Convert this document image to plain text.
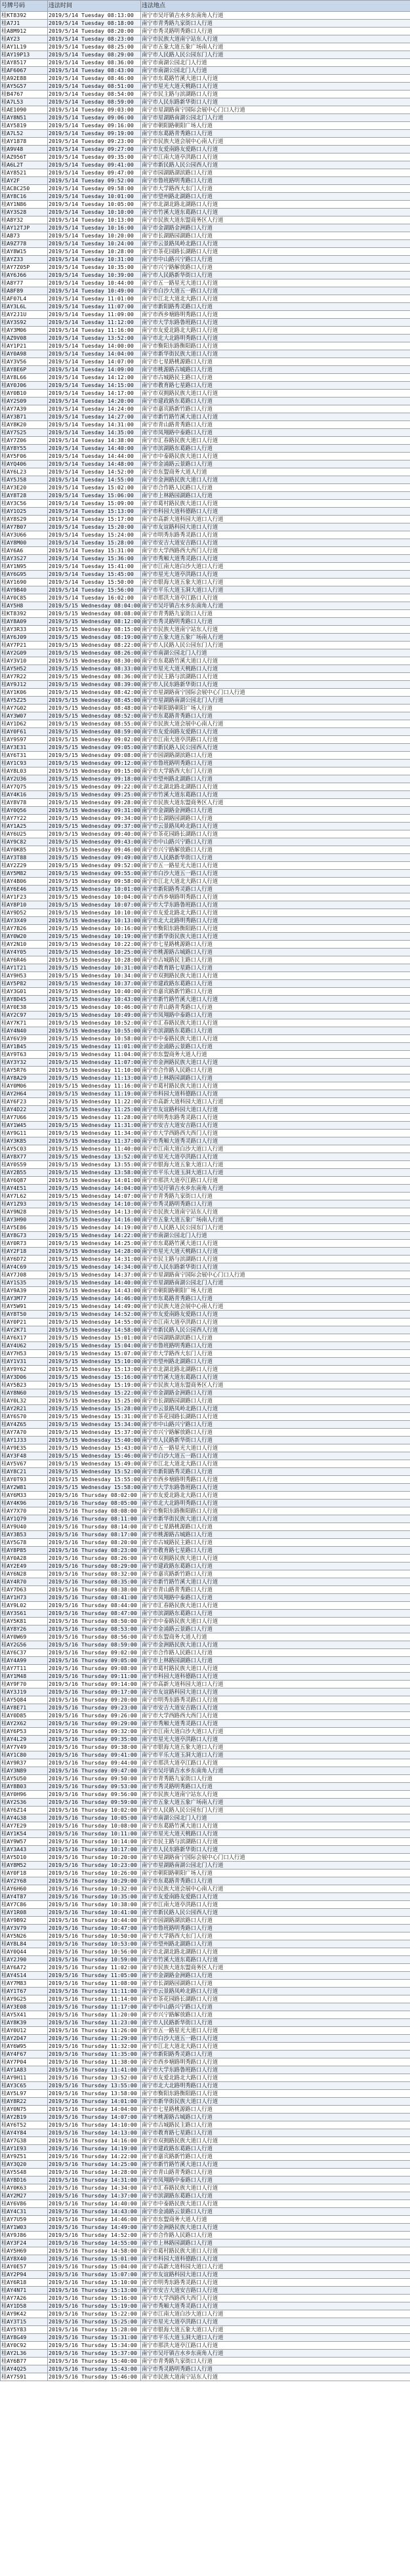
号牌号码	违法时间	违法地点
桂KT8392	2019/5/14 Tuesday 08:13:00	南宁市吴圩镇吉水乡东南角人行道
桂A7J1	2019/5/14 Tuesday 08:18:00	南宁市青秀路九家街口人行道
桂A8M912	2019/5/14 Tuesday 08:20:00	南宁市秀灵路明秀路口人行道
桂AY23	2019/5/14 Tuesday 08:23:00	南宁市民族大道南宁站东人行道
桂AY1L19	2019/5/14 Tuesday 08:25:00	南宁市五象大道五象广场南人行道
桂AY19P13	2019/5/14 Tuesday 08:29:00	南宁市人民路人民公园东门人行道
桂AY8517	2019/5/14 Tuesday 08:36:00	南宁市南湖公园北门人行道
桂AF6067	2019/5/14 Tuesday 08:43:00	南宁市南湖公园北门人行道
桂A92E88	2019/5/14 Tuesday 08:46:00	南宁市东葛路竹溪大道口人行道
桂AY5G57	2019/5/14 Tuesday 08:51:00	南宁市星光大道天桃路口人行道
桂B4767	2019/5/14 Tuesday 08:54:00	南宁市民主路与滨湖路口人行道
桂A7L53	2019/5/14 Tuesday 08:59:00	南宁市人民东路新华街口人行道
桂AE1090	2019/5/14 Tuesday 09:03:00	南宁市星湖路南宁国际会展中心门口人行道
桂AY8N51	2019/5/14 Tuesday 09:06:00	南宁市星湖路南湖公园北门人行道
桂AY5819	2019/5/14 Tuesday 09:16:00	南宁市朝阳路朝阳广场人行道
桂A7L52	2019/5/14 Tuesday 09:19:00	南宁市东葛路青秀路口人行道
桂AY1878	2019/5/14 Tuesday 09:23:00	南宁市民族大道会展中心南人行道
桂A9V48	2019/5/14 Tuesday 09:27:00	南宁市友爱南路友爱路口人行道
桂AZ956T	2019/5/14 Tuesday 09:35:00	南宁市江南大道亭洪路口人行道
桂A6L2T	2019/5/14 Tuesday 09:41:00	南宁市新民路人民公园西人行道
桂AY8521	2019/5/14 Tuesday 09:47:00	南宁市园湖路湖滨路口人行道
桂AY2F	2019/5/14 Tuesday 09:52:00	南宁市鲁班路明秀路口人行道
桂AC8C250	2019/5/14 Tuesday 09:58:00	南宁市大学路西大东门人行道
桂AY8C16	2019/5/14 Tuesday 10:01:00	南宁市望州路北湖路口人行道
桂AY1N86	2019/5/14 Tuesday 10:05:00	南宁市北湖北路北湖路口人行道
桂AY3S28	2019/5/14 Tuesday 10:10:00	南宁市竹溪大道东葛路口人行道
桂A8Y32	2019/5/14 Tuesday 10:13:00	南宁市民族大道东盟商务区人行道
桂AY12TJP	2019/5/14 Tuesday 10:16:00	南宁市金湖路金洲路口人行道
桂AB73	2019/5/14 Tuesday 10:20:00	南宁市长湖路园湖路口人行道
桂A9Z778	2019/5/14 Tuesday 10:24:00	南宁市云景路凤岭北路口人行道
桂AY8W15	2019/5/14 Tuesday 10:28:00	南宁市茶花园路长湖路口人行道
桂AYZ33	2019/5/14 Tuesday 10:31:00	南宁市中山路兴宁路口人行道
桂AY7Z05P	2019/5/14 Tuesday 10:35:00	南宁市兴宁路解放路口人行道
桂AY6J66	2019/5/14 Tuesday 10:39:00	南宁市人民路新华街口人行道
桂A8Y77	2019/5/14 Tuesday 10:44:00	南宁市五一路星光大道口人行道
桂A8F89	2019/5/14 Tuesday 10:49:00	南宁市白沙大道五一路口人行道
桂AF07L4	2019/5/14 Tuesday 11:01:00	南宁市江北大道北大路口人行道
桂AY3L6L	2019/5/14 Tuesday 11:07:00	南宁市新阳路秀灵路口人行道
桂AY2J1U	2019/5/14 Tuesday 11:09:00	南宁市西乡塘路明秀路口人行道
桂AY3S92	2019/5/14 Tuesday 11:12:00	南宁市大学东路鲁班路口人行道
桂AY3M06	2019/5/14 Tuesday 11:16:00	南宁市友爱北路北大路口人行道
桂AZ9V08	2019/5/14 Tuesday 13:52:00	南宁市北大北路明秀路口人行道
桂AY1P21	2019/5/14 Tuesday 14:00:00	南宁市衡阳东路衡阳路口人行道
桂AY0A98	2019/5/14 Tuesday 14:04:00	南宁市新华街民族大道口人行道
桂AY3V56	2019/5/14 Tuesday 14:07:00	南宁市七星路桃源路口人行道
桂AY8E6P	2019/5/14 Tuesday 14:09:00	南宁市桃源路古城路口人行道
桂AY8L66	2019/5/14 Tuesday 14:12:00	南宁市古城路民主路口人行道
桂AY0J06	2019/5/14 Tuesday 14:15:00	南宁市教育路七星路口人行道
桂AY0B10	2019/5/14 Tuesday 14:17:00	南宁市双拥路民族大道口人行道
桂AY2S09	2019/5/14 Tuesday 14:20:00	南宁市建政路东葛路口人行道
桂AY7A39	2019/5/14 Tuesday 14:24:00	南宁市嘉宾路新竹路口人行道
桂AY3B71	2019/5/14 Tuesday 14:27:00	南宁市新竹路竹溪大道口人行道
桂AY8K20	2019/5/14 Tuesday 14:31:00	南宁市青山路青秀路口人行道
桂AY7S25	2019/5/14 Tuesday 14:35:00	南宁市凤翔路中泰路口人行道
桂AY7Z06	2019/5/14 Tuesday 14:38:00	南宁市汇春路民族大道口人行道
桂AY8Y55	2019/5/14 Tuesday 14:40:00	南宁市滨湖路东葛路口人行道
桂AY5F06	2019/5/14 Tuesday 14:44:00	南宁市中泰路民族大道口人行道
桂AYQ406	2019/5/14 Tuesday 14:48:00	南宁市金浦路云景路口人行道
桂AY6L23	2019/5/14 Tuesday 14:52:00	南宁市东盟商务大道人行道
桂AY5J58	2019/5/14 Tuesday 14:55:00	南宁市金洲路民族大道口人行道
桂AY3E20	2019/5/14 Tuesday 15:02:00	南宁市合作路人民路口人行道
桂AY8T28	2019/5/14 Tuesday 15:06:00	南宁市上林路园湖路口人行道
桂AY3C56	2019/5/14 Tuesday 15:09:00	南宁市葛村路民族大道口人行道
桂AY1O25	2019/5/14 Tuesday 15:13:00	南宁市科园大道科德路口人行道
桂AY8S29	2019/5/14 Tuesday 15:17:00	南宁市高新大道科园大道口人行道
桂AY7B07	2019/5/14 Tuesday 15:20:00	南宁市友谊路科园大道口人行道
桂AY3U66	2019/5/14 Tuesday 15:24:00	南宁市明秀东路秀灵路口人行道
桂AY8M00	2019/5/14 Tuesday 15:28:00	南宁市安吉大道安吉路口人行道
桂AY6A6	2019/5/14 Tuesday 15:31:00	南宁市大学西路西大西门人行道
桂AY3S27	2019/5/14 Tuesday 15:36:00	南宁市秀厢大道秀灵路口人行道
桂AY1N95	2019/5/14 Tuesday 15:41:00	南宁市江南大道白沙大道口人行道
桂AY6G95	2019/5/14 Tuesday 15:45:00	南宁市星光大道亭洪路口人行道
桂AY1690	2019/5/14 Tuesday 15:50:00	南宁市银海大道五象大道口人行道
桂AY9B40	2019/5/14 Tuesday 15:56:00	南宁市平乐大道玉洞大道口人行道
桂AY0C85	2019/5/14 Tuesday 16:02:00	南宁市那洪大道亭江路口人行道
桂AY5H8	2019/5/15 Wednesday 08:04:00	南宁市吴圩镇吉水乡东南角人行道
桂KT8392	2019/5/15 Wednesday 08:08:00	南宁市青秀路九家街口人行道
桂AY8A09	2019/5/15 Wednesday 08:12:00	南宁市秀灵路明秀路口人行道
桂AY3R33	2019/5/15 Wednesday 08:15:00	南宁市民族大道南宁站东人行道
桂AY6J09	2019/5/15 Wednesday 08:19:00	南宁市五象大道五象广场南人行道
桂AY7P21	2019/5/15 Wednesday 08:22:00	南宁市人民路人民公园东门人行道
桂AY2G09	2019/5/15 Wednesday 08:26:00	南宁市南湖公园北门人行道
桂AY3V10	2019/5/15 Wednesday 08:30:00	南宁市东葛路竹溪大道口人行道
桂AY5H52	2019/5/15 Wednesday 08:33:00	南宁市星光大道天桃路口人行道
桂AY7R22	2019/5/15 Wednesday 08:36:00	南宁市民主路与滨湖路口人行道
桂AY9J12	2019/5/15 Wednesday 08:39:00	南宁市人民东路新华街口人行道
桂AY1K06	2019/5/15 Wednesday 08:42:00	南宁市星湖路南宁国际会展中心门口人行道
桂AY5Z25	2019/5/15 Wednesday 08:45:00	南宁市星湖路南湖公园北门人行道
桂AY7G02	2019/5/15 Wednesday 08:48:00	南宁市朝阳路朝阳广场人行道
桂AY3W07	2019/5/15 Wednesday 08:52:00	南宁市东葛路青秀路口人行道
桂AY1D62	2019/5/15 Wednesday 08:55:00	南宁市民族大道会展中心南人行道
桂AY0F61	2019/5/15 Wednesday 08:59:00	南宁市友爱南路友爱路口人行道
桂AY9S97	2019/5/15 Wednesday 09:02:00	南宁市江南大道亭洪路口人行道
桂AY3E31	2019/5/15 Wednesday 09:05:00	南宁市新民路人民公园西人行道
桂AY6T31	2019/5/15 Wednesday 09:08:00	南宁市园湖路湖滨路口人行道
桂AY1C93	2019/5/15 Wednesday 09:12:00	南宁市鲁班路明秀路口人行道
桂AY8L03	2019/5/15 Wednesday 09:15:00	南宁市大学路西大东门人行道
桂AY2U36	2019/5/15 Wednesday 09:18:00	南宁市望州路北湖路口人行道
桂AY7Q75	2019/5/15 Wednesday 09:22:00	南宁市北湖北路北湖路口人行道
桂AY4K16	2019/5/15 Wednesday 09:25:00	南宁市竹溪大道东葛路口人行道
桂AY8V78	2019/5/15 Wednesday 09:28:00	南宁市民族大道东盟商务区人行道
桂AY0Q56	2019/5/15 Wednesday 09:31:00	南宁市金湖路金洲路口人行道
桂AY7Y22	2019/5/15 Wednesday 09:34:00	南宁市长湖路园湖路口人行道
桂AY1A25	2019/5/15 Wednesday 09:37:00	南宁市云景路凤岭北路口人行道
桂AY6U25	2019/5/15 Wednesday 09:40:00	南宁市茶花园路长湖路口人行道
桂AY9C82	2019/5/15 Wednesday 09:43:00	南宁市中山路兴宁路口人行道
桂AY0K85	2019/5/15 Wednesday 09:46:00	南宁市兴宁路解放路口人行道
桂AY3T88	2019/5/15 Wednesday 09:49:00	南宁市人民路新华街口人行道
桂AY2Z29	2019/5/15 Wednesday 09:52:00	南宁市五一路星光大道口人行道
桂AY5M82	2019/5/15 Wednesday 09:55:00	南宁市白沙大道五一路口人行道
桂AY4B06	2019/5/15 Wednesday 09:58:00	南宁市江北大道北大路口人行道
桂AY6E46	2019/5/15 Wednesday 10:01:00	南宁市新阳路秀灵路口人行道
桂AY1F23	2019/5/15 Wednesday 10:04:00	南宁市西乡塘路明秀路口人行道
桂AY8P10	2019/5/15 Wednesday 10:07:00	南宁市大学东路鲁班路口人行道
桂AY9D52	2019/5/15 Wednesday 10:10:00	南宁市友爱北路北大路口人行道
桂AY3X49	2019/5/15 Wednesday 10:13:00	南宁市北大北路明秀路口人行道
桂AY7B26	2019/5/15 Wednesday 10:16:00	南宁市衡阳东路衡阳路口人行道
桂AY0W20	2019/5/15 Wednesday 10:19:00	南宁市新华街民族大道口人行道
桂AY2N10	2019/5/15 Wednesday 10:22:00	南宁市七星路桃源路口人行道
桂AY4Y05	2019/5/15 Wednesday 10:25:00	南宁市桃源路古城路口人行道
桂AY6R46	2019/5/15 Wednesday 10:28:00	南宁市古城路民主路口人行道
桂AY1T21	2019/5/15 Wednesday 10:31:00	南宁市教育路七星路口人行道
桂AY9H53	2019/5/15 Wednesday 10:34:00	南宁市双拥路民族大道口人行道
桂AY5P82	2019/5/15 Wednesday 10:37:00	南宁市建政路东葛路口人行道
桂AY3G01	2019/5/15 Wednesday 10:40:00	南宁市嘉宾路新竹路口人行道
桂AY8D45	2019/5/15 Wednesday 10:43:00	南宁市新竹路竹溪大道口人行道
桂AY0E38	2019/5/15 Wednesday 10:46:00	南宁市青山路青秀路口人行道
桂AY2C97	2019/5/15 Wednesday 10:49:00	南宁市凤翔路中泰路口人行道
桂AY7K71	2019/5/15 Wednesday 10:52:00	南宁市汇春路民族大道口人行道
桂AY4N40	2019/5/15 Wednesday 10:55:00	南宁市滨湖路东葛路口人行道
桂AY6V39	2019/5/15 Wednesday 10:58:00	南宁市中泰路民族大道口人行道
桂AY1B45	2019/5/15 Wednesday 11:01:00	南宁市金浦路云景路口人行道
桂AY9T63	2019/5/15 Wednesday 11:04:00	南宁市东盟商务大道人行道
桂AY3Y32	2019/5/15 Wednesday 11:07:00	南宁市金洲路民族大道口人行道
桂AY5R76	2019/5/15 Wednesday 11:10:00	南宁市合作路人民路口人行道
桂AY8A29	2019/5/15 Wednesday 11:13:00	南宁市上林路园湖路口人行道
桂AY0M06	2019/5/15 Wednesday 11:16:00	南宁市葛村路民族大道口人行道
桂AY2H64	2019/5/15 Wednesday 11:19:00	南宁市科园大道科德路口人行道
桂AY6F23	2019/5/15 Wednesday 11:22:00	南宁市高新大道科园大道口人行道
桂AY4D22	2019/5/15 Wednesday 11:25:00	南宁市友谊路科园大道口人行道
桂AY7U66	2019/5/15 Wednesday 11:28:00	南宁市明秀东路秀灵路口人行道
桂AY1W45	2019/5/15 Wednesday 11:31:00	南宁市安吉大道安吉路口人行道
桂AY9G11	2019/5/15 Wednesday 11:34:00	南宁市大学西路西大西门人行道
桂AY3K85	2019/5/15 Wednesday 11:37:00	南宁市秀厢大道秀灵路口人行道
桂AY5C03	2019/5/15 Wednesday 11:40:00	南宁市江南大道白沙大道口人行道
桂AY8X77	2019/5/15 Wednesday 13:52:00	南宁市星光大道亭洪路口人行道
桂AY0S59	2019/5/15 Wednesday 13:55:00	南宁市银海大道五象大道口人行道
桂AY2B55	2019/5/15 Wednesday 13:58:00	南宁市平乐大道玉洞大道口人行道
桂AY6Q87	2019/5/15 Wednesday 14:01:00	南宁市那洪大道亭江路口人行道
桂AY4E51	2019/5/15 Wednesday 14:04:00	南宁市吴圩镇吉水乡东南角人行道
桂AY7L62	2019/5/15 Wednesday 14:07:00	南宁市青秀路九家街口人行道
桂AY1Z93	2019/5/15 Wednesday 14:10:00	南宁市秀灵路明秀路口人行道
桂AY9N28	2019/5/15 Wednesday 14:13:00	南宁市民族大道南宁站东人行道
桂AY3H90	2019/5/15 Wednesday 14:16:00	南宁市五象大道五象广场南人行道
桂AY5E86	2019/5/15 Wednesday 14:19:00	南宁市人民路人民公园东门人行道
桂AY8G73	2019/5/15 Wednesday 14:22:00	南宁市南湖公园北门人行道
桂AY0R73	2019/5/15 Wednesday 14:25:00	南宁市东葛路竹溪大道口人行道
桂AY2F18	2019/5/15 Wednesday 14:28:00	南宁市星光大道天桃路口人行道
桂AY6D72	2019/5/15 Wednesday 14:31:00	南宁市民主路与滨湖路口人行道
桂AY4C69	2019/5/15 Wednesday 14:34:00	南宁市人民东路新华街口人行道
桂AY7J08	2019/5/15 Wednesday 14:37:00	南宁市星湖路南宁国际会展中心门口人行道
桂AY1S35	2019/5/15 Wednesday 14:40:00	南宁市星湖路南湖公园北门人行道
桂AY9A39	2019/5/15 Wednesday 14:43:00	南宁市朝阳路朝阳广场人行道
桂AY3M77	2019/5/15 Wednesday 14:46:00	南宁市东葛路青秀路口人行道
桂AY5W91	2019/5/15 Wednesday 14:49:00	南宁市民族大道会展中心南人行道
桂AY8T50	2019/5/15 Wednesday 14:52:00	南宁市友爱南路友爱路口人行道
桂AY0P21	2019/5/15 Wednesday 14:55:00	南宁市江南大道亭洪路口人行道
桂AY2K71	2019/5/15 Wednesday 14:58:00	南宁市新民路人民公园西人行道
桂AY6X17	2019/5/15 Wednesday 15:01:00	南宁市园湖路湖滨路口人行道
桂AY4U62	2019/5/15 Wednesday 15:04:00	南宁市鲁班路明秀路口人行道
桂AY7H53	2019/5/15 Wednesday 15:07:00	南宁市大学路西大东门人行道
桂AY1V31	2019/5/15 Wednesday 15:10:00	南宁市望州路北湖路口人行道
桂AY9Y62	2019/5/15 Wednesday 15:13:00	南宁市北湖北路北湖路口人行道
桂AY3D06	2019/5/15 Wednesday 15:16:00	南宁市竹溪大道东葛路口人行道
桂AY5B23	2019/5/15 Wednesday 15:19:00	南宁市民族大道东盟商务区人行道
桂AY8N60	2019/5/15 Wednesday 15:22:00	南宁市金湖路金洲路口人行道
桂AY0L32	2019/5/15 Wednesday 15:25:00	南宁市长湖路园湖路口人行道
桂AY2R21	2019/5/15 Wednesday 15:28:00	南宁市云景路凤岭北路口人行道
桂AY6S70	2019/5/15 Wednesday 15:31:00	南宁市茶花园路长湖路口人行道
桂AY4Z65	2019/5/15 Wednesday 15:34:00	南宁市中山路兴宁路口人行道
桂AY7A70	2019/5/15 Wednesday 15:37:00	南宁市兴宁路解放路口人行道
桂AY1J33	2019/5/15 Wednesday 15:40:00	南宁市人民路新华街口人行道
桂AY9E35	2019/5/15 Wednesday 15:43:00	南宁市五一路星光大道口人行道
桂AY3F48	2019/5/15 Wednesday 15:46:00	南宁市白沙大道五一路口人行道
桂AY5V67	2019/5/15 Wednesday 15:49:00	南宁市江北大道北大路口人行道
桂AY8C21	2019/5/15 Wednesday 15:52:00	南宁市新阳路秀灵路口人行道
桂AY0T93	2019/5/15 Wednesday 15:55:00	南宁市西乡塘路明秀路口人行道
桂AY2W81	2019/5/15 Wednesday 15:58:00	南宁市大学东路鲁班路口人行道
桂AY6M33	2019/5/16 Thursday 08:02:00	南宁市友爱北路北大路口人行道
桂AY4K96	2019/5/16 Thursday 08:05:00	南宁市北大北路明秀路口人行道
桂AY7X70	2019/5/16 Thursday 08:08:00	南宁市衡阳东路衡阳路口人行道
桂AY1Q79	2019/5/16 Thursday 08:11:00	南宁市新华街民族大道口人行道
桂AY9U40	2019/5/16 Thursday 08:14:00	南宁市七星路桃源路口人行道
桂AY3B53	2019/5/16 Thursday 08:17:00	南宁市桃源路古城路口人行道
桂AY5G78	2019/5/16 Thursday 08:20:00	南宁市古城路民主路口人行道
桂AY8P85	2019/5/16 Thursday 08:23:00	南宁市教育路七星路口人行道
桂AY0A28	2019/5/16 Thursday 08:26:00	南宁市双拥路民族大道口人行道
桂AY2E49	2019/5/16 Thursday 08:29:00	南宁市建政路东葛路口人行道
桂AY6N28	2019/5/16 Thursday 08:32:00	南宁市嘉宾路新竹路口人行道
桂AY4R70	2019/5/16 Thursday 08:35:00	南宁市新竹路竹溪大道口人行道
桂AY7D63	2019/5/16 Thursday 08:38:00	南宁市青山路青秀路口人行道
桂AY1H73	2019/5/16 Thursday 08:41:00	南宁市凤翔路中泰路口人行道
桂AY9L02	2019/5/16 Thursday 08:44:00	南宁市汇春路民族大道口人行道
桂AY3S61	2019/5/16 Thursday 08:47:00	南宁市滨湖路东葛路口人行道
桂AY5K81	2019/5/16 Thursday 08:50:00	南宁市中泰路民族大道口人行道
桂AY8Y26	2019/5/16 Thursday 08:53:00	南宁市金浦路云景路口人行道
桂AY0W69	2019/5/16 Thursday 08:56:00	南宁市东盟商务大道人行道
桂AY2G56	2019/5/16 Thursday 08:59:00	南宁市金洲路民族大道口人行道
桂AY6C37	2019/5/16 Thursday 09:02:00	南宁市合作路人民路口人行道
桂AY4A99	2019/5/16 Thursday 09:05:00	南宁市上林路园湖路口人行道
桂AY7T11	2019/5/16 Thursday 09:08:00	南宁市葛村路民族大道口人行道
桂AY1M48	2019/5/16 Thursday 09:11:00	南宁市科园大道科德路口人行道
桂AY9F70	2019/5/16 Thursday 09:14:00	南宁市高新大道科园大道口人行道
桂AY3J19	2019/5/16 Thursday 09:17:00	南宁市友谊路科园大道口人行道
桂AY5Q84	2019/5/16 Thursday 09:20:00	南宁市明秀东路秀灵路口人行道
桂AY8E71	2019/5/16 Thursday 09:23:00	南宁市安吉大道安吉路口人行道
桂AY0D85	2019/5/16 Thursday 09:26:00	南宁市大学西路西大西门人行道
桂AY2X62	2019/5/16 Thursday 09:29:00	南宁市秀厢大道秀灵路口人行道
桂AY6P53	2019/5/16 Thursday 09:32:00	南宁市江南大道白沙大道口人行道
桂AY4L29	2019/5/16 Thursday 09:35:00	南宁市星光大道亭洪路口人行道
桂AY7V49	2019/5/16 Thursday 09:38:00	南宁市银海大道五象大道口人行道
桂AY1C80	2019/5/16 Thursday 09:41:00	南宁市平乐大道玉洞大道口人行道
桂AY9R37	2019/5/16 Thursday 09:44:00	南宁市那洪大道亭江路口人行道
桂AY3N89	2019/5/16 Thursday 09:47:00	南宁市吴圩镇吉水乡东南角人行道
桂AY5U50	2019/5/16 Thursday 09:50:00	南宁市青秀路九家街口人行道
桂AY8B03	2019/5/16 Thursday 09:53:00	南宁市秀灵路明秀路口人行道
桂AY0H96	2019/5/16 Thursday 09:56:00	南宁市民族大道南宁站东人行道
桂AY2S36	2019/5/16 Thursday 09:59:00	南宁市五象大道五象广场南人行道
桂AY6Z14	2019/5/16 Thursday 10:02:00	南宁市人民路人民公园东门人行道
桂AY4G38	2019/5/16 Thursday 10:05:00	南宁市南湖公园北门人行道
桂AY7E29	2019/5/16 Thursday 10:08:00	南宁市东葛路竹溪大道口人行道
桂AY1K54	2019/5/16 Thursday 10:11:00	南宁市星光大道天桃路口人行道
桂AY9W57	2019/5/16 Thursday 10:14:00	南宁市民主路与滨湖路口人行道
桂AY3A43	2019/5/16 Thursday 10:17:00	南宁市人民东路新华街口人行道
桂AY5D10	2019/5/16 Thursday 10:20:00	南宁市星湖路南宁国际会展中心门口人行道
桂AY8M52	2019/5/16 Thursday 10:23:00	南宁市星湖路南湖公园北门人行道
桂AY0F18	2019/5/16 Thursday 10:26:00	南宁市朝阳路朝阳广场人行道
桂AY2Y68	2019/5/16 Thursday 10:29:00	南宁市东葛路青秀路口人行道
桂AY6H60	2019/5/16 Thursday 10:32:00	南宁市民族大道会展中心南人行道
桂AY4T87	2019/5/16 Thursday 10:35:00	南宁市友爱南路友爱路口人行道
桂AY7C86	2019/5/16 Thursday 10:38:00	南宁市江南大道亭洪路口人行道
桂AY1R08	2019/5/16 Thursday 10:41:00	南宁市新民路人民公园西人行道
桂AY9B92	2019/5/16 Thursday 10:44:00	南宁市园湖路湖滨路口人行道
桂AY3V79	2019/5/16 Thursday 10:47:00	南宁市鲁班路明秀路口人行道
桂AY5N26	2019/5/16 Thursday 10:50:00	南宁市大学路西大东门人行道
桂AY8L84	2019/5/16 Thursday 10:53:00	南宁市望州路北湖路口人行道
桂AY0Q44	2019/5/16 Thursday 10:56:00	南宁市北湖北路北湖路口人行道
桂AY2J90	2019/5/16 Thursday 10:59:00	南宁市竹溪大道东葛路口人行道
桂AY6A72	2019/5/16 Thursday 11:02:00	南宁市民族大道东盟商务区人行道
桂AY4S14	2019/5/16 Thursday 11:05:00	南宁市金湖路金洲路口人行道
桂AY7M83	2019/5/16 Thursday 11:08:00	南宁市长湖路园湖路口人行道
桂AY1T67	2019/5/16 Thursday 11:11:00	南宁市云景路凤岭北路口人行道
桂AY9G25	2019/5/16 Thursday 11:14:00	南宁市茶花园路长湖路口人行道
桂AY3E08	2019/5/16 Thursday 11:17:00	南宁市中山路兴宁路口人行道
桂AY5X41	2019/5/16 Thursday 11:20:00	南宁市兴宁路解放路口人行道
桂AY8K39	2019/5/16 Thursday 11:23:00	南宁市人民路新华街口人行道
桂AY0U12	2019/5/16 Thursday 11:26:00	南宁市五一路星光大道口人行道
桂AY2D47	2019/5/16 Thursday 11:29:00	南宁市白沙大道五一路口人行道
桂AY6W95	2019/5/16 Thursday 11:32:00	南宁市江北大道北大路口人行道
桂AY4F67	2019/5/16 Thursday 11:35:00	南宁市新阳路秀灵路口人行道
桂AY7P04	2019/5/16 Thursday 11:38:00	南宁市西乡塘路明秀路口人行道
桂AY1A83	2019/5/16 Thursday 11:41:00	南宁市大学东路鲁班路口人行道
桂AY9H11	2019/5/16 Thursday 13:52:00	南宁市友爱北路北大路口人行道
桂AY3C65	2019/5/16 Thursday 13:55:00	南宁市北大北路明秀路口人行道
桂AY5L97	2019/5/16 Thursday 13:58:00	南宁市衡阳东路衡阳路口人行道
桂AY8R22	2019/5/16 Thursday 14:01:00	南宁市新华街民族大道口人行道
桂AY0N75	2019/5/16 Thursday 14:04:00	南宁市七星路桃源路口人行道
桂AY2B19	2019/5/16 Thursday 14:07:00	南宁市桃源路古城路口人行道
桂AY6T52	2019/5/16 Thursday 14:10:00	南宁市古城路民主路口人行道
桂AY4Y84	2019/5/16 Thursday 14:13:00	南宁市教育路七星路口人行道
桂AY7G38	2019/5/16 Thursday 14:16:00	南宁市双拥路民族大道口人行道
桂AY1E93	2019/5/16 Thursday 14:19:00	南宁市建政路东葛路口人行道
桂AY9Z51	2019/5/16 Thursday 14:22:00	南宁市嘉宾路新竹路口人行道
桂AY3Q20	2019/5/16 Thursday 14:25:00	南宁市新竹路竹溪大道口人行道
桂AY5S48	2019/5/16 Thursday 14:28:00	南宁市青山路青秀路口人行道
桂AY8D16	2019/5/16 Thursday 14:31:00	南宁市凤翔路中泰路口人行道
桂AY0K63	2019/5/16 Thursday 14:34:00	南宁市汇春路民族大道口人行道
桂AY2M27	2019/5/16 Thursday 14:37:00	南宁市滨湖路东葛路口人行道
桂AY6V86	2019/5/16 Thursday 14:40:00	南宁市中泰路民族大道口人行道
桂AY4C31	2019/5/16 Thursday 14:43:00	南宁市金浦路云景路口人行道
桂AY7U59	2019/5/16 Thursday 14:46:00	南宁市东盟商务大道人行道
桂AY1W03	2019/5/16 Thursday 14:49:00	南宁市金洲路民族大道口人行道
桂AY9J86	2019/5/16 Thursday 14:52:00	南宁市合作路人民路口人行道
桂AY3F24	2019/5/16 Thursday 14:55:00	南宁市上林路园湖路口人行道
桂AY5H69	2019/5/16 Thursday 14:58:00	南宁市葛村路民族大道口人行道
桂AY8X40	2019/5/16 Thursday 15:01:00	南宁市科园大道科德路口人行道
桂AY0E57	2019/5/16 Thursday 15:04:00	南宁市高新大道科园大道口人行道
桂AY2P94	2019/5/16 Thursday 15:07:00	南宁市友谊路科园大道口人行道
桂AY6R18	2019/5/16 Thursday 15:10:00	南宁市明秀东路秀灵路口人行道
桂AY4N71	2019/5/16 Thursday 15:13:00	南宁市安吉大道安吉路口人行道
桂AY7A26	2019/5/16 Thursday 15:16:00	南宁市大学西路西大西门人行道
桂AY1D58	2019/5/16 Thursday 15:19:00	南宁市秀厢大道秀灵路口人行道
桂AY9K42	2019/5/16 Thursday 15:22:00	南宁市江南大道白沙大道口人行道
桂AY3T15	2019/5/16 Thursday 15:25:00	南宁市星光大道亭洪路口人行道
桂AY5Y83	2019/5/16 Thursday 15:28:00	南宁市银海大道五象大道口人行道
桂AY8G49	2019/5/16 Thursday 15:31:00	南宁市平乐大道玉洞大道口人行道
桂AY0C92	2019/5/16 Thursday 15:34:00	南宁市那洪大道亭江路口人行道
桂AY2L36	2019/5/16 Thursday 15:37:00	南宁市吴圩镇吉水乡东南角人行道
桂AY6B77	2019/5/16 Thursday 15:40:00	南宁市青秀路九家街口人行道
桂AY4Q25	2019/5/16 Thursday 15:43:00	南宁市秀灵路明秀路口人行道
桂AY7S91	2019/5/16 Thursday 15:46:00	南宁市民族大道南宁站东人行道
